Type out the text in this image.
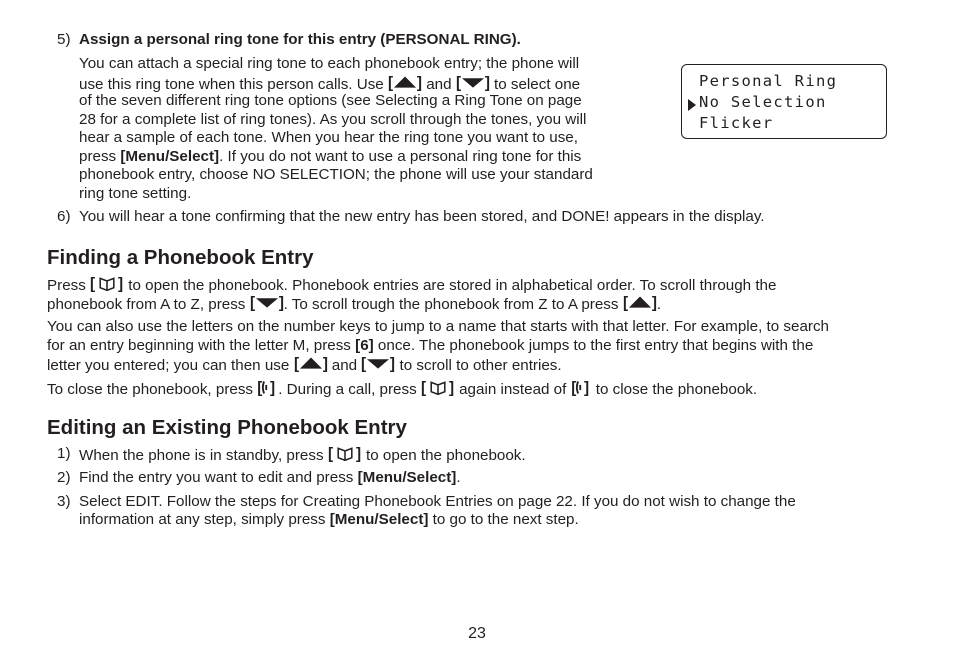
5) Assign a personal ring tone for this entry (PERSONAL RING).
You can attach a special ring tone to each phonebook entry; the phone will
use this ring tone when this person calls. Use  and  to select one
of the seven different ring tone options (see Selecting a Ring Tone on page
28 for a complete list of ring tones). As you scroll through the tones, you will
hear a sample of each tone. When you hear the ring tone you want to use,
press [Menu/Select]. If you do not want to use a personal ring tone for this
phonebook entry, choose NO SELECTION; the phone will use your standard
ring tone setting.
Personal Ring
No Selection
Flicker
6) You will hear a tone confirming that the new entry has been stored, and DONE! appears in the display.
Finding a Phonebook Entry
Press  to open the phonebook. Phonebook entries are stored in alphabetical order. To scroll through the
phonebook from A to Z, press . To scroll trough the phonebook from Z to A press .
You can also use the letters on the number keys to jump to a name that starts with that letter. For example, to search
for an entry beginning with the letter M, press [6] once. The phonebook jumps to the first entry that begins with the
letter you entered; you can then use  and  to scroll to other entries.
To close the phonebook, press . During a call, press  again instead of  to close the phonebook.
Editing an Existing Phonebook Entry
1) When the phone is in standby, press  to open the phonebook.
2) Find the entry you want to edit and press [Menu/Select].
3) Select EDIT. Follow the steps for Creating Phonebook Entries on page 22. If you do not wish to change the
information at any step, simply press [Menu/Select] to go to the next step.
23
